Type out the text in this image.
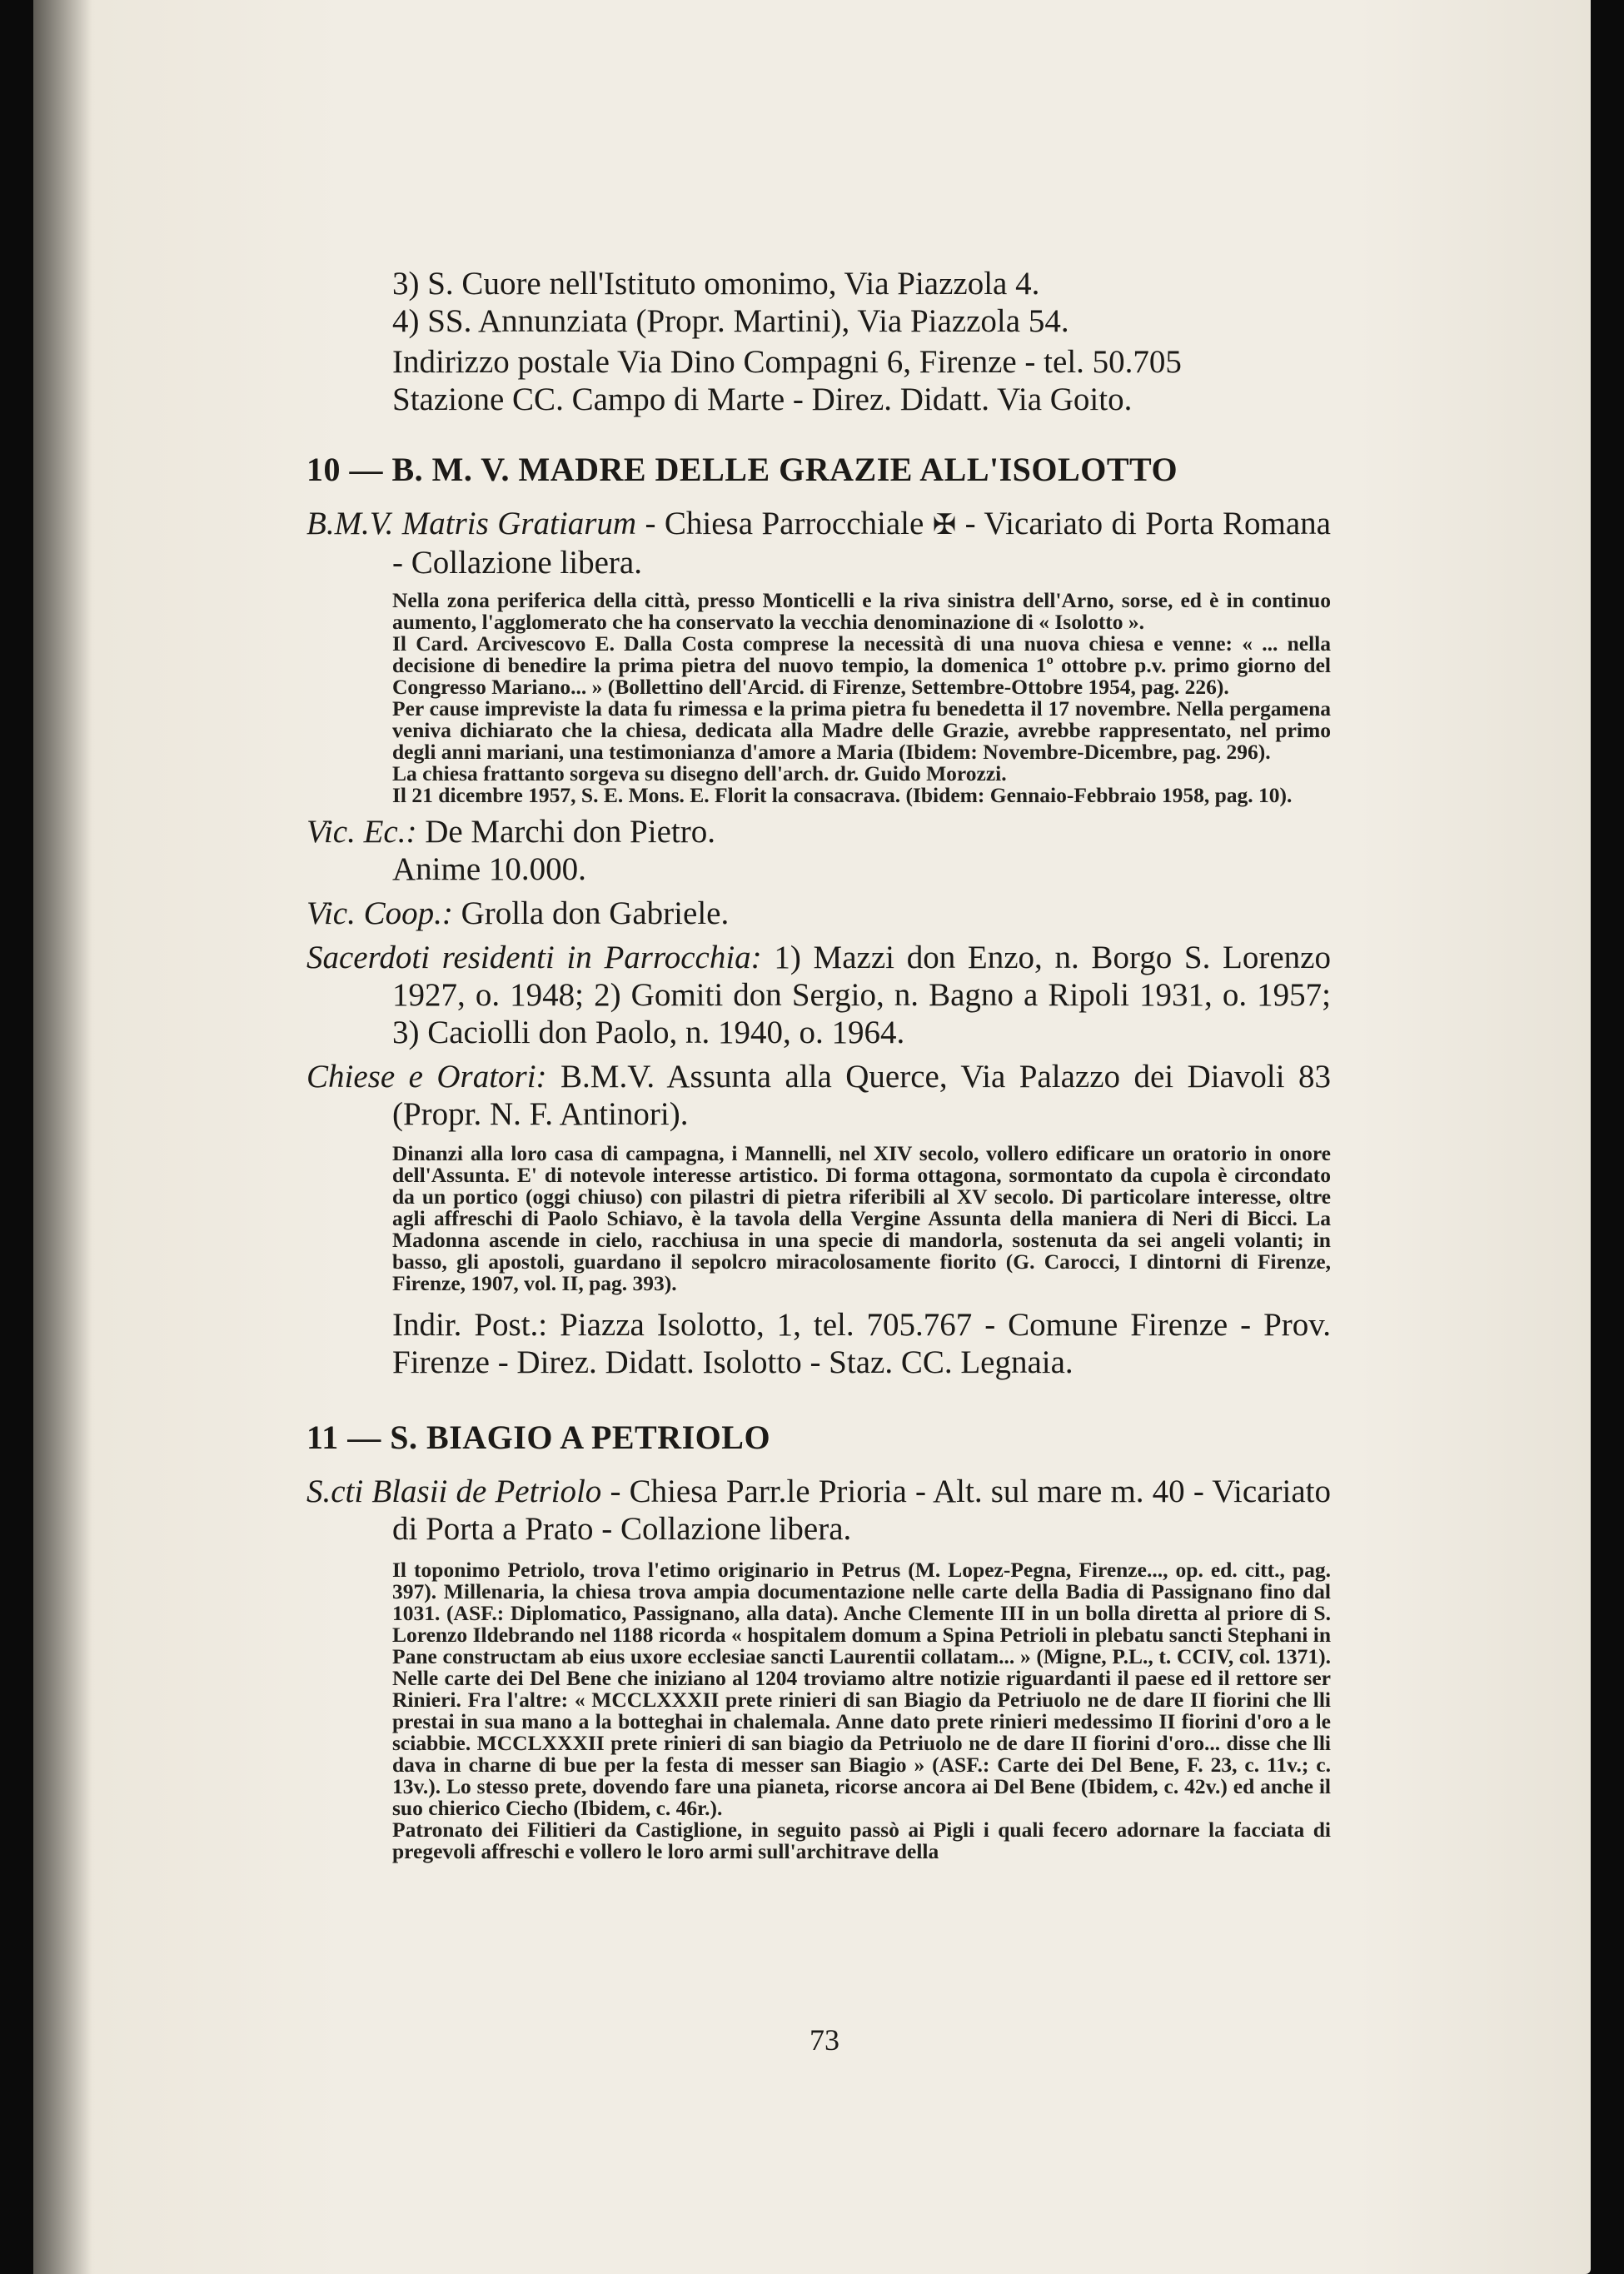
3) S. Cuore nell'Istituto omonimo, Via Piazzola 4.
4) SS. Annunziata (Propr. Martini), Via Piazzola 54.
Indirizzo postale Via Dino Compagni 6, Firenze - tel. 50.705
Stazione CC. Campo di Marte - Direz. Didatt. Via Goito.
10 — B. M. V. MADRE DELLE GRAZIE ALL'ISOLOTTO

B.M.V. Matris Gratiarum - Chiesa Parrocchiale ✠ - Vicariato di Porta Romana - Collazione libera.

Nella zona periferica della città, presso Monticelli e la riva sinistra dell'Arno, sorse, ed è in continuo aumento, l'agglomerato che ha conservato la vecchia denominazione di « Isolotto ».

Il Card. Arcivescovo E. Dalla Costa comprese la necessità di una nuova chiesa e venne: « ... nella decisione di benedire la prima pietra del nuovo tempio, la domenica 1º ottobre p.v. primo giorno del Congresso Mariano... » (Bollettino dell'Arcid. di Firenze, Settembre-Ottobre 1954, pag. 226).

Per cause impreviste la data fu rimessa e la prima pietra fu benedetta il 17 novembre. Nella pergamena veniva dichiarato che la chiesa, dedicata alla Madre delle Grazie, avrebbe rappresentato, nel primo degli anni mariani, una testimonianza d'amore a Maria (Ibidem: Novembre-Dicembre, pag. 296).

La chiesa frattanto sorgeva su disegno dell'arch. dr. Guido Morozzi.

Il 21 dicembre 1957, S. E. Mons. E. Florit la consacrava. (Ibidem: Gennaio-Febbraio 1958, pag. 10).

Vic. Ec.: De Marchi don Pietro.

Anime 10.000.

Vic. Coop.: Grolla don Gabriele.

Sacerdoti residenti in Parrocchia: 1) Mazzi don Enzo, n. Borgo S. Lorenzo 1927, o. 1948; 2) Gomiti don Sergio, n. Bagno a Ripoli 1931, o. 1957; 3) Caciolli don Paolo, n. 1940, o. 1964.

Chiese e Oratori: B.M.V. Assunta alla Querce, Via Palazzo dei Diavoli 83 (Propr. N. F. Antinori).

Dinanzi alla loro casa di campagna, i Mannelli, nel XIV secolo, vollero edificare un oratorio in onore dell'Assunta. E' di notevole interesse artistico. Di forma ottagona, sormontato da cupola è circondato da un portico (oggi chiuso) con pilastri di pietra riferibili al XV secolo. Di particolare interesse, oltre agli affreschi di Paolo Schiavo, è la tavola della Vergine Assunta della maniera di Neri di Bicci. La Madonna ascende in cielo, racchiusa in una specie di mandorla, sostenuta da sei angeli volanti; in basso, gli apostoli, guardano il sepolcro miracolosamente fiorito (G. Carocci, I dintorni di Firenze, Firenze, 1907, vol. II, pag. 393).

Indir. Post.: Piazza Isolotto, 1, tel. 705.767 - Comune Firenze - Prov. Firenze - Direz. Didatt. Isolotto - Staz. CC. Legnaia.

11 — S. BIAGIO A PETRIOLO

S.cti Blasii de Petriolo - Chiesa Parr.le Prioria - Alt. sul mare m. 40 - Vicariato di Porta a Prato - Collazione libera.

Il toponimo Petriolo, trova l'etimo originario in Petrus (M. Lopez-Pegna, Firenze..., op. ed. citt., pag. 397). Millenaria, la chiesa trova ampia documentazione nelle carte della Badia di Passignano fino dal 1031. (ASF.: Diplomatico, Passignano, alla data). Anche Clemente III in un bolla diretta al priore di S. Lorenzo Ildebrando nel 1188 ricorda « hospitalem domum a Spina Petrioli in plebatu sancti Stephani in Pane constructam ab eius uxore ecclesiae sancti Laurentii collatam... » (Migne, P.L., t. CCIV, col. 1371). Nelle carte dei Del Bene che iniziano al 1204 troviamo altre notizie riguardanti il paese ed il rettore ser Rinieri. Fra l'altre: « MCCLXXXII prete rinieri di san Biagio da Petriuolo ne de dare II fiorini che lli prestai in sua mano a la botteghai in chalemala. Anne dato prete rinieri medessimo II fiorini d'oro a le sciabbie. MCCLXXXII prete rinieri di san biagio da Petriuolo ne de dare II fiorini d'oro... disse che lli dava in charne di bue per la festa di messer san Biagio » (ASF.: Carte dei Del Bene, F. 23, c. 11v.; c. 13v.). Lo stesso prete, dovendo fare una pianeta, ricorse ancora ai Del Bene (Ibidem, c. 42v.) ed anche il suo chierico Ciecho (Ibidem, c. 46r.).

Patronato dei Filitieri da Castiglione, in seguito passò ai Pigli i quali fecero adornare la facciata di pregevoli affreschi e vollero le loro armi sull'architrave della

73
